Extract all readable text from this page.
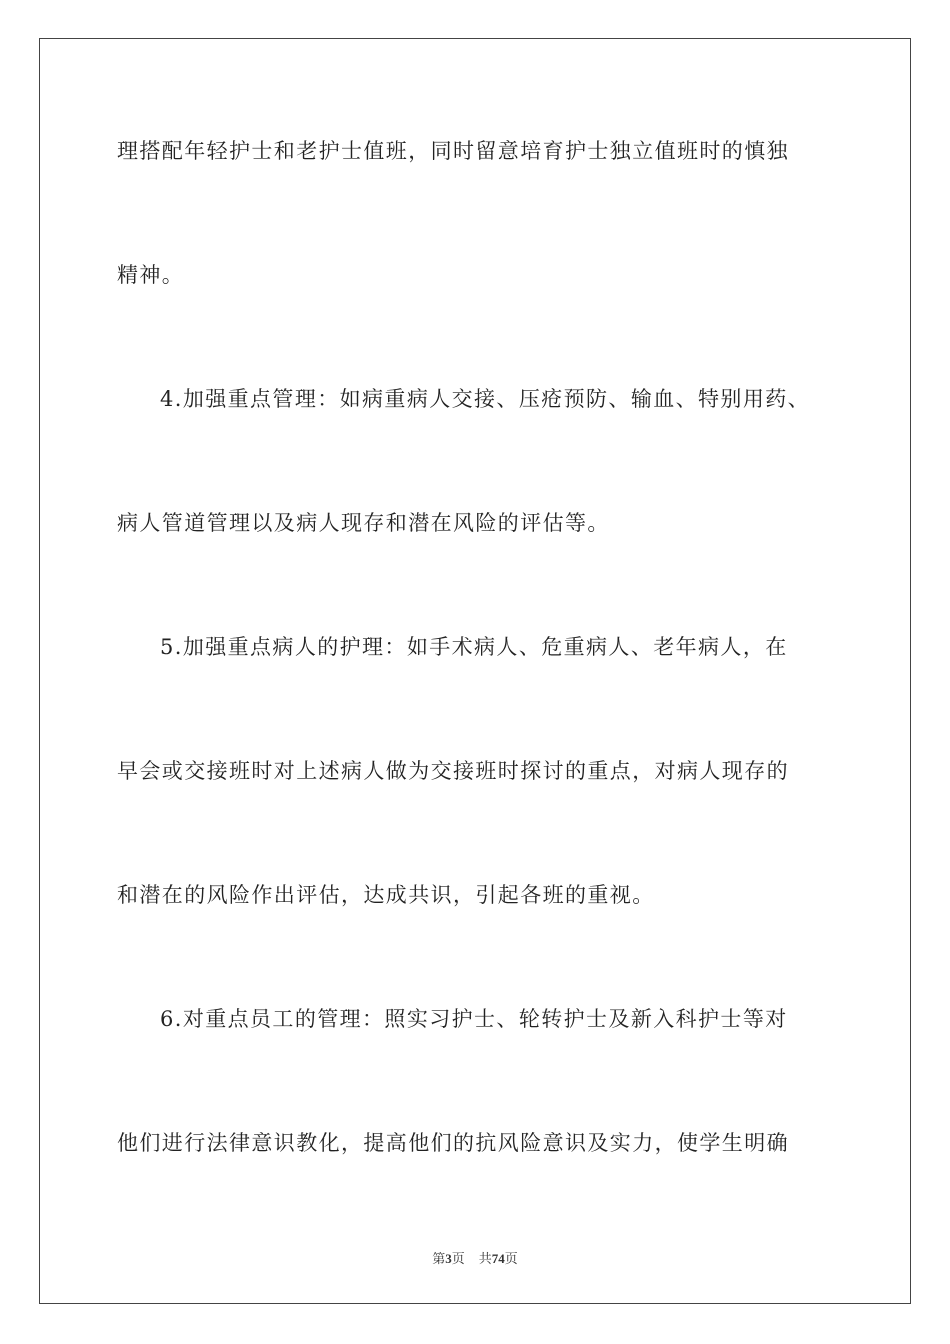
理搭配年轻护士和老护士值班，同时留意培育护士独立值班时的慎独
精神。
4.加强重点管理：如病重病人交接、压疮预防、输血、特别用药、
病人管道管理以及病人现存和潜在风险的评估等。
5.加强重点病人的护理：如手术病人、危重病人、老年病人，在
早会或交接班时对上述病人做为交接班时探讨的重点，对病人现存的
和潜在的风险作出评估，达成共识，引起各班的重视。
6.对重点员工的管理：照实习护士、轮转护士及新入科护士等对
他们进行法律意识教化，提高他们的抗风险意识及实力，使学生明确
第3页 共74页
